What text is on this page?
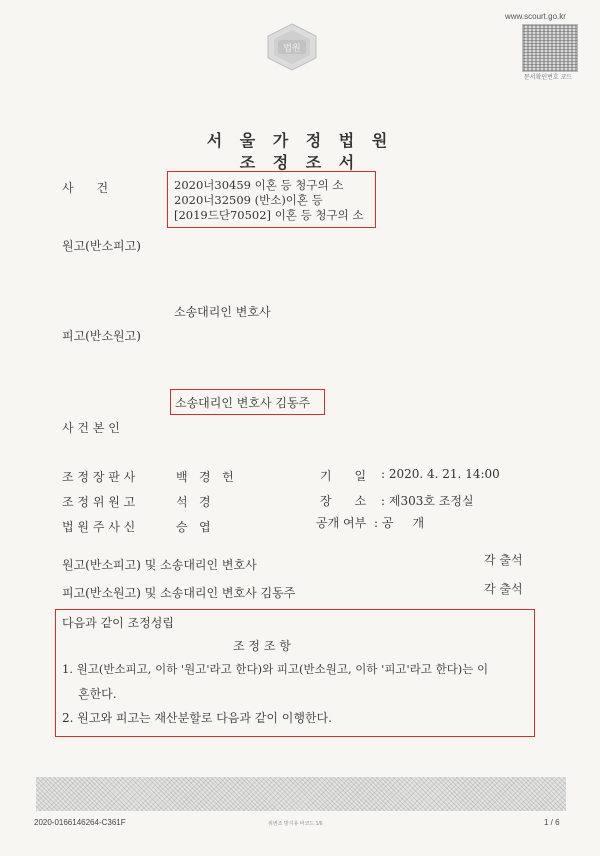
법원
www.scourt.go.kr
문서확인번호 코드
서 울 가 정 법 원
조 정 조 서
사      건	2020너30459 이혼 등 청구의 소
2020너32509 (반소)이혼 등
[2019드단70502] 이혼 등 청구의 소
원고(반소피고)
소송대리인 변호사
피고(반소원고)
소송대리인 변호사 김동주
사 건 본 인
조 정 장 판 사	백   경   헌	기      일 : 2020. 4. 21. 14:00
조 정 위 원 고	석   경	장      소 : 제303호 조정실
법 원 주 사 신	승   엽	공개 여부 : 공     개
원고(반소피고) 및 소송대리인 변호사	각 출석
피고(반소원고) 및 소송대리인 변호사 김동주	각 출석
다음과 같이 조정성립
조 정 조 항
1. 원고(반소피고, 이하 '원고'라고 한다)와 피고(반소원고, 이하 '피고'라고 한다)는 이
혼한다.
2. 원고와 피고는 재산분할로 다음과 같이 이행한다.
2020-0166146264-C361F	위변조 방지용 바코드 1/6	1 / 6
